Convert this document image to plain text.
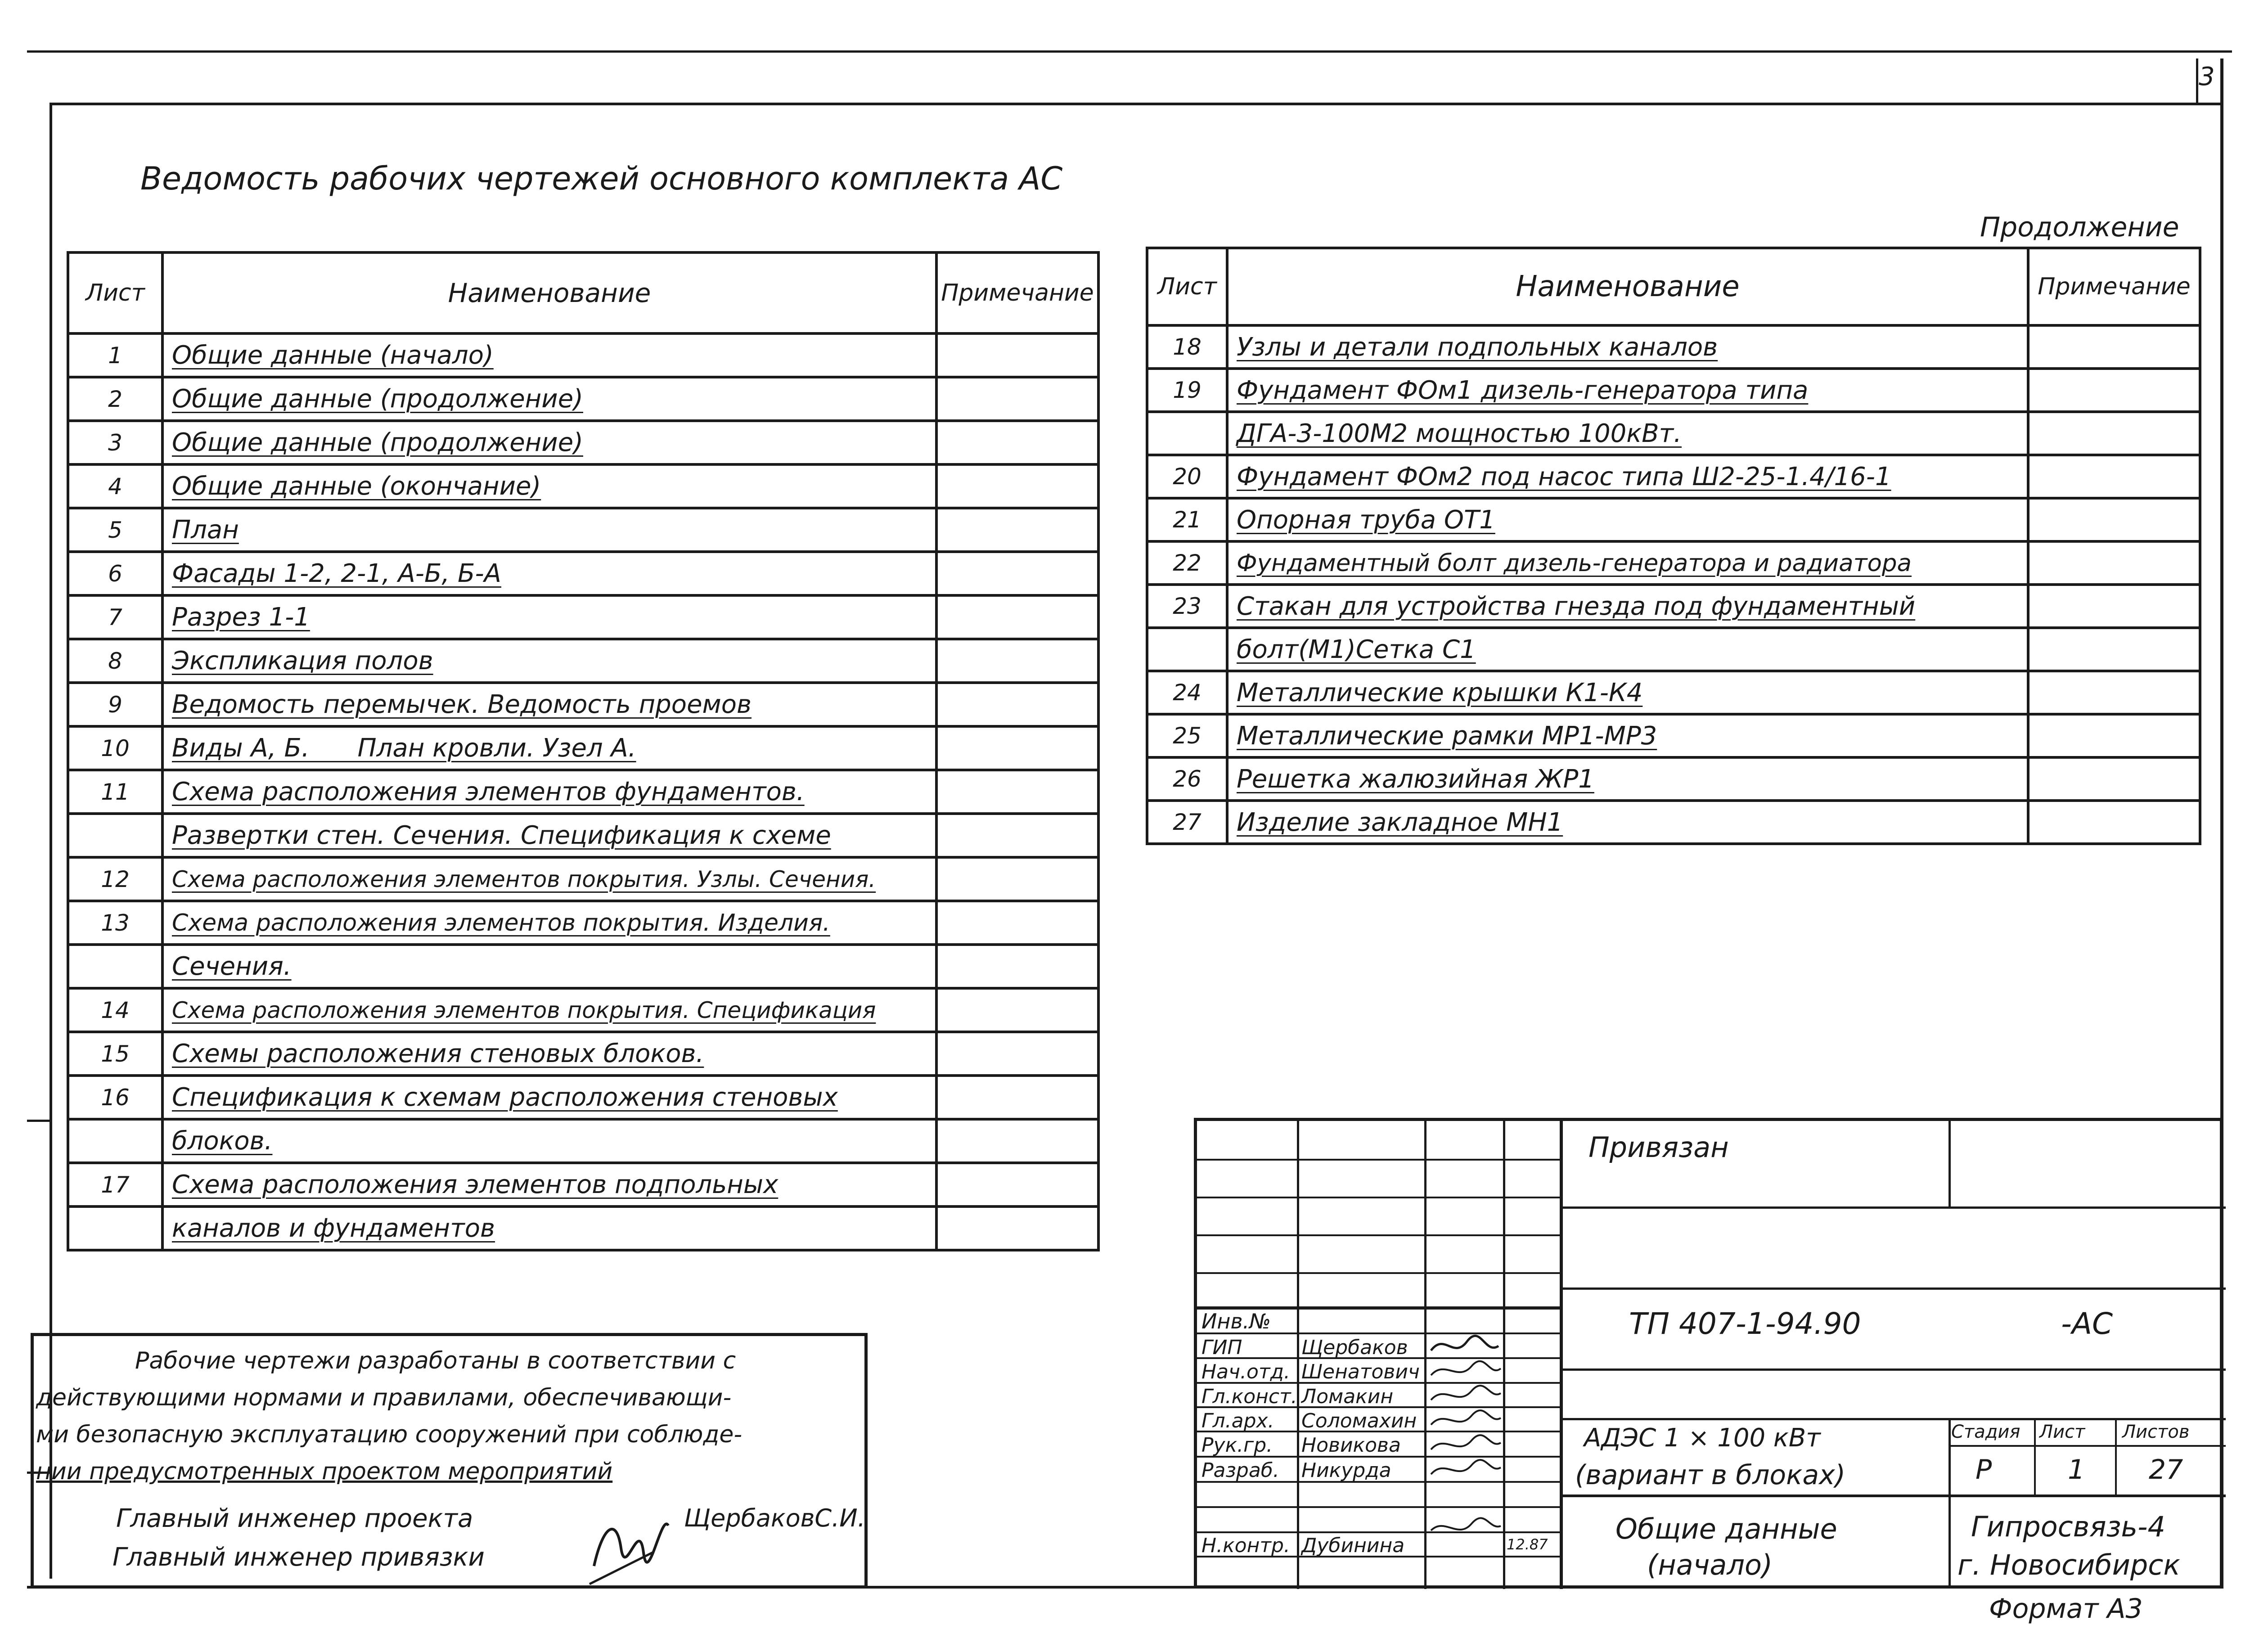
3
Ведомость рабочих чертежей основного комплекта АС
Продолжение
Лист	Наименование	Примечание
1	Общие данные (начало)	
2	Общие данные (продолжение)	
3	Общие данные (продолжение)	
4	Общие данные (окончание)	
5	План	
6	Фасады 1-2, 2-1, А-Б, Б-А	
7	Разрез 1-1	
8	Экспликация полов	
9	Ведомость перемычек. Ведомость проемов	
10	Виды А, Б.      План кровли. Узел А.	
11	Схема расположения элементов фундаментов.	
	Развертки стен. Сечения. Спецификация к схеме	
12	Схема расположения элементов покрытия. Узлы. Сечения.	
13	Схема расположения элементов покрытия. Изделия.	
	Сечения.	
14	Схема расположения элементов покрытия. Спецификация	
15	Схемы расположения стеновых блоков.	
16	Спецификация к схемам расположения стеновых	
	блоков.	
17	Схема расположения элементов подпольных	
	каналов и фундаментов	
Лист	Наименование	Примечание
18	Узлы и детали подпольных каналов	
19	Фундамент ФОм1 дизель-генератора типа	
	ДГА-3-100М2 мощностью 100кВт.	
20	Фундамент ФОм2 под насос типа Ш2-25-1.4/16-1	
21	Опорная труба ОТ1	
22	Фундаментный болт дизель-генератора и радиатора	
23	Стакан для устройства гнезда под фундаментный	
	болт(М1)Сетка С1	
24	Металлические крышки К1-К4	
25	Металлические рамки МР1-МР3	
26	Решетка жалюзийная ЖР1	
27	Изделие закладное МН1	
Рабочие чертежи разработаны в соответствии с
действующими нормами и правилами, обеспечивающи-
ми безопасную эксплуатацию сооружений при соблюде-
нии предусмотренных проектом мероприятий
Главный инженер проекта	ЩербаковС.И.
Главный инженер привязки
Инв.№
ГИП	Щербаков
Нач.отд. Шенатович
Гл.конст. Ломакин
Гл.арх. Соломахин
Рук.гр. Новикова
Разраб. Никурда
Н.контр. Дубинина	12.87
Привязан
ТП 407-1-94.90	-АС
АДЭС 1 × 100 кВт
(вариант в блоках)
Общие данные
(начало)
Стадия Лист Листов
Р	1 27
Гипросвязь-4
г. Новосибирск
Формат А3
